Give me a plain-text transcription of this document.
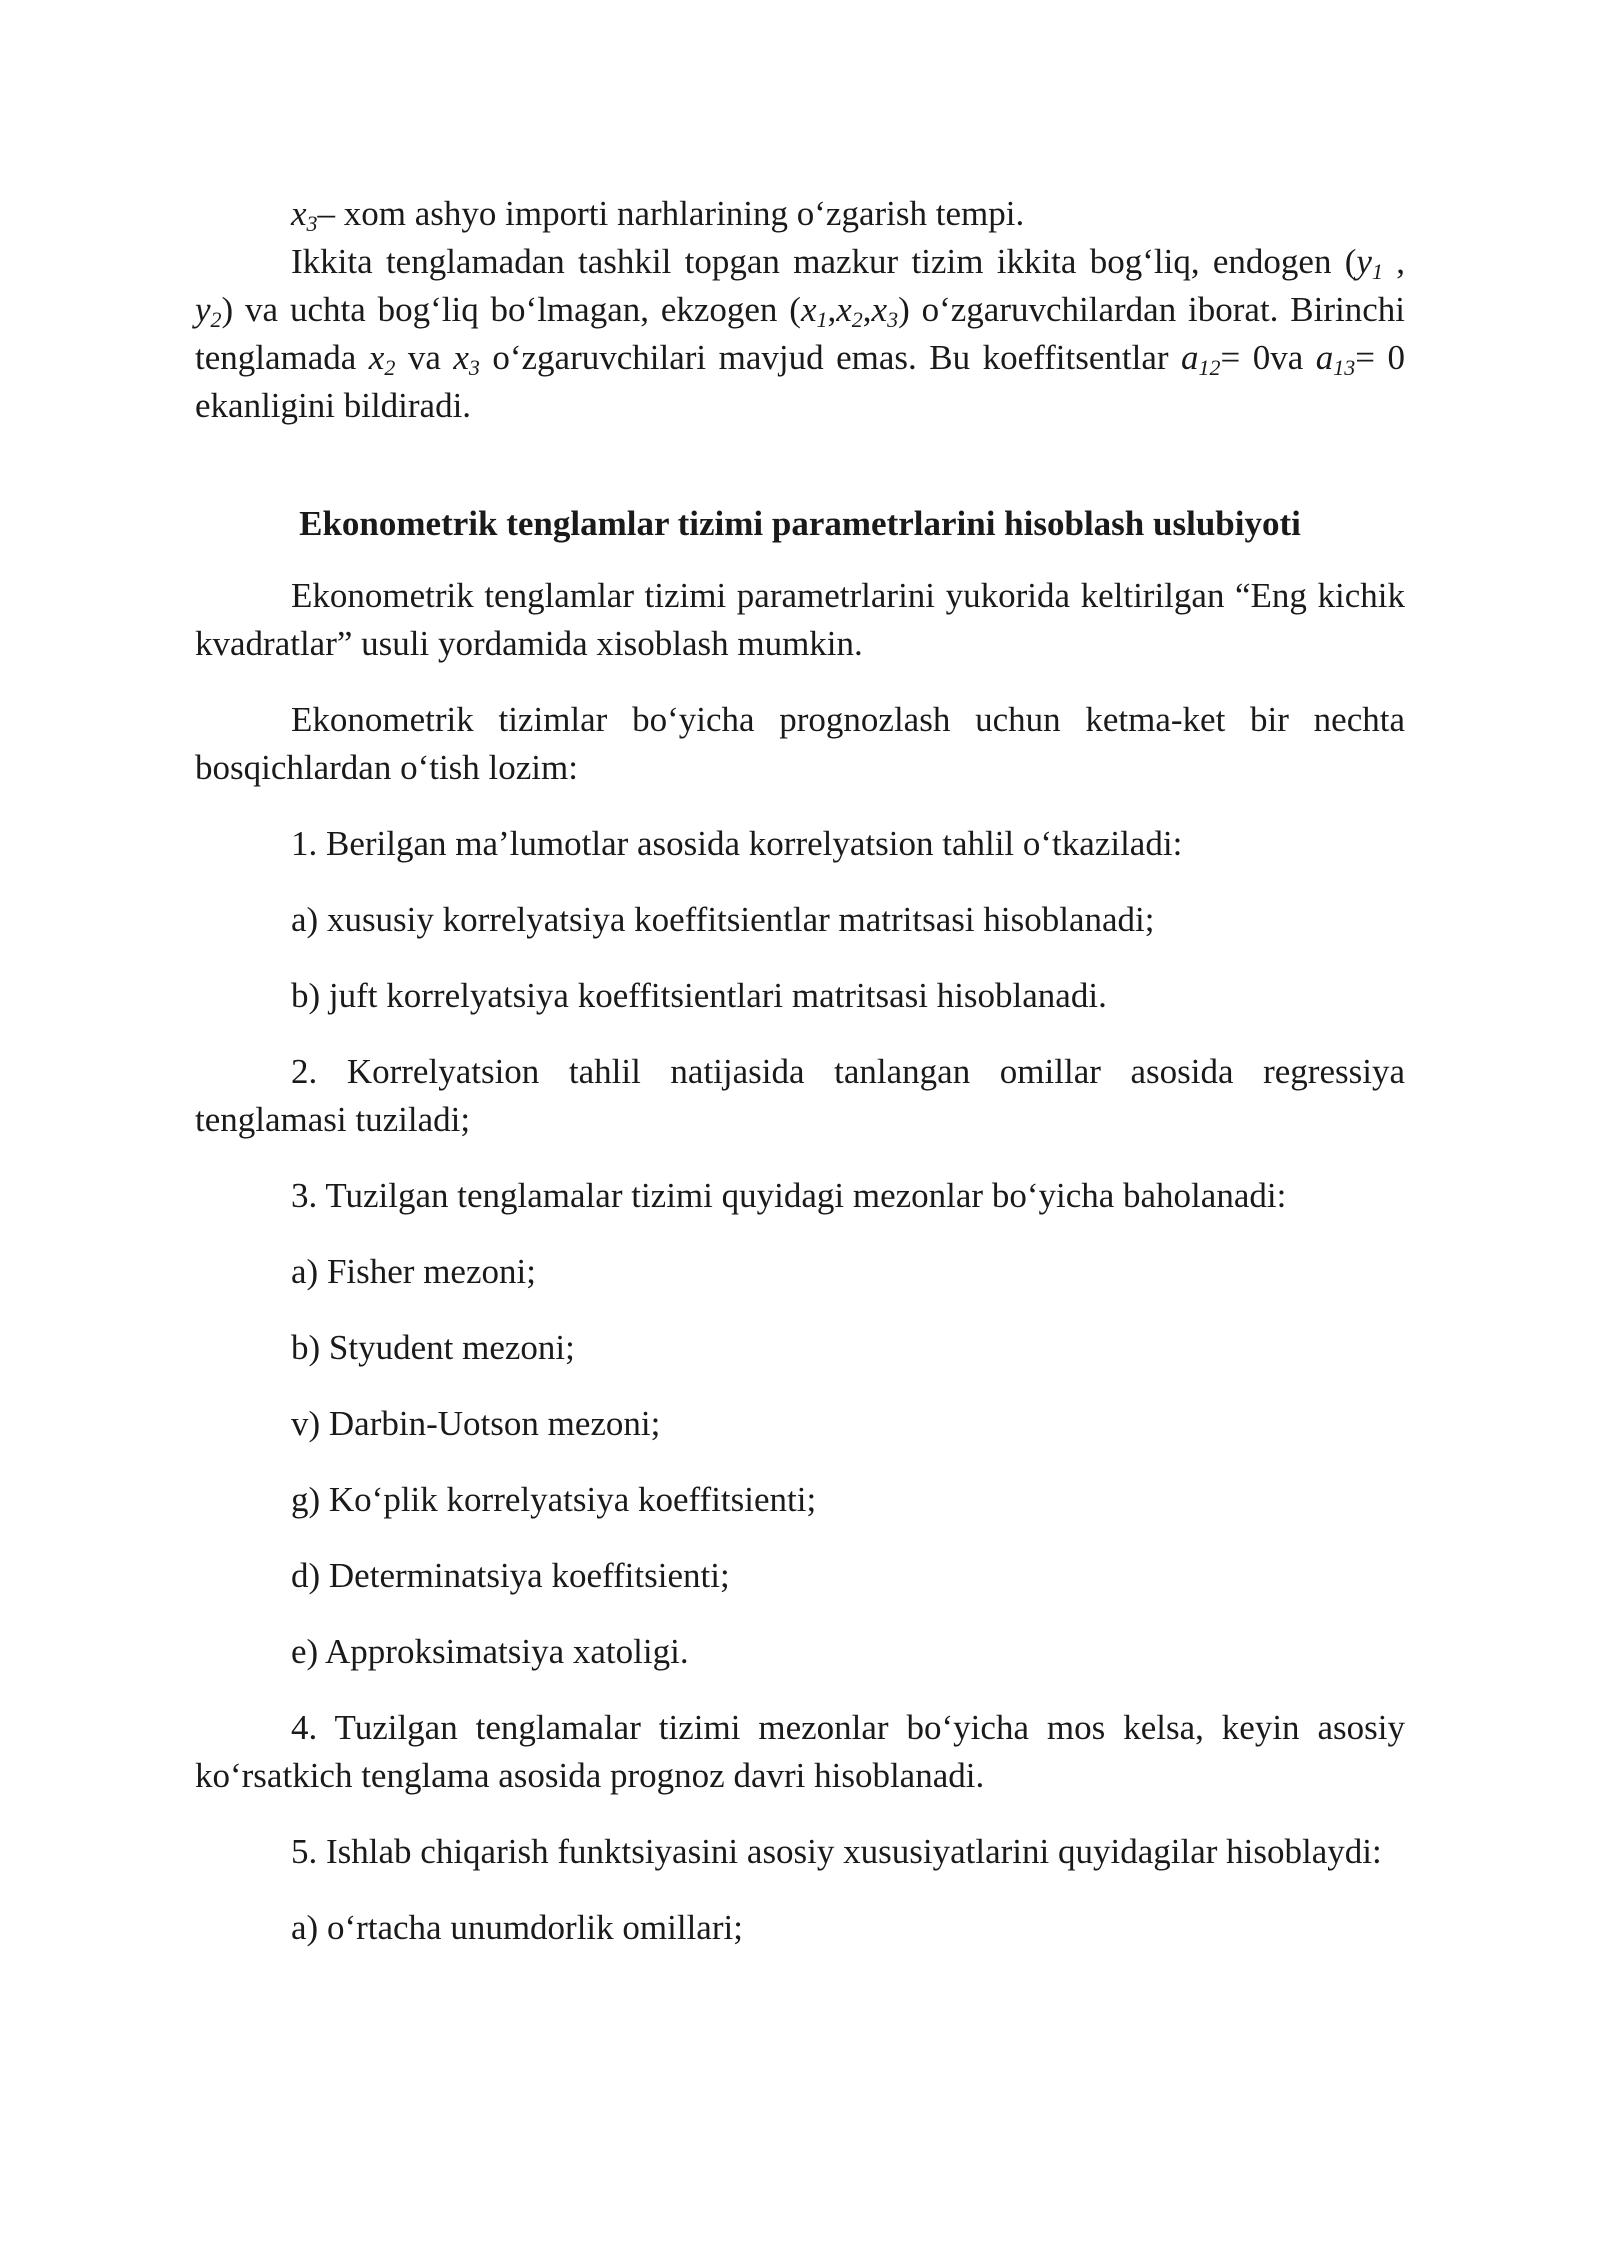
$x_3-$ xom ashyo importi narhlarining o‘zgarish tempi.

Ikkita tenglamadan tashkil topgan mazkur tizim ikkita bog‘liq, endogen ($y_1$ , $y_2$) va uchta bog‘liq bo‘lmagan, ekzogen $(x_1,x_2,x_3)$ o‘zgaruvchilardan iborat. Birinchi tenglamada $x_2$ va $x_3$ o‘zgaruvchilari mavjud emas. Bu koeffitsentlar $a_{12}= 0va$ $a_{13}= 0$ ekanligini bildiradi.

Ekonometrik tenglamlar tizimi parametrlarini hisoblash uslubiyoti

Ekonometrik tenglamlar tizimi parametrlarini yukorida keltirilgan “Eng kichik kvadratlar” usuli yordamida xisoblash mumkin.

Ekonometrik tizimlar bo‘yicha prognozlash uchun ketma-ket bir nechta bosqichlardan o‘tish lozim:

1. Berilgan ma’lumotlar asosida korrelyatsion tahlil o‘tkaziladi:

a) xususiy korrelyatsiya koeffitsientlar matritsasi hisoblanadi;

b) juft korrelyatsiya koeffitsientlari matritsasi hisoblanadi.

2. Korrelyatsion tahlil natijasida tanlangan omillar asosida regressiya tenglamasi tuziladi;

3. Tuzilgan tenglamalar tizimi quyidagi mezonlar bo‘yicha baholanadi:

a) Fisher mezoni;

b) Styudent mezoni;

v) Darbin-Uotson mezoni;

g) Ko‘plik korrelyatsiya koeffitsienti;

d) Determinatsiya koeffitsienti;

e) Approksimatsiya xatoligi.

4. Tuzilgan tenglamalar tizimi mezonlar bo‘yicha mos kelsa, keyin asosiy ko‘rsatkich tenglama asosida prognoz davri hisoblanadi.

5. Ishlab chiqarish funktsiyasini asosiy xususiyatlarini quyidagilar hisoblaydi:

a) o‘rtacha unumdorlik omillari;
